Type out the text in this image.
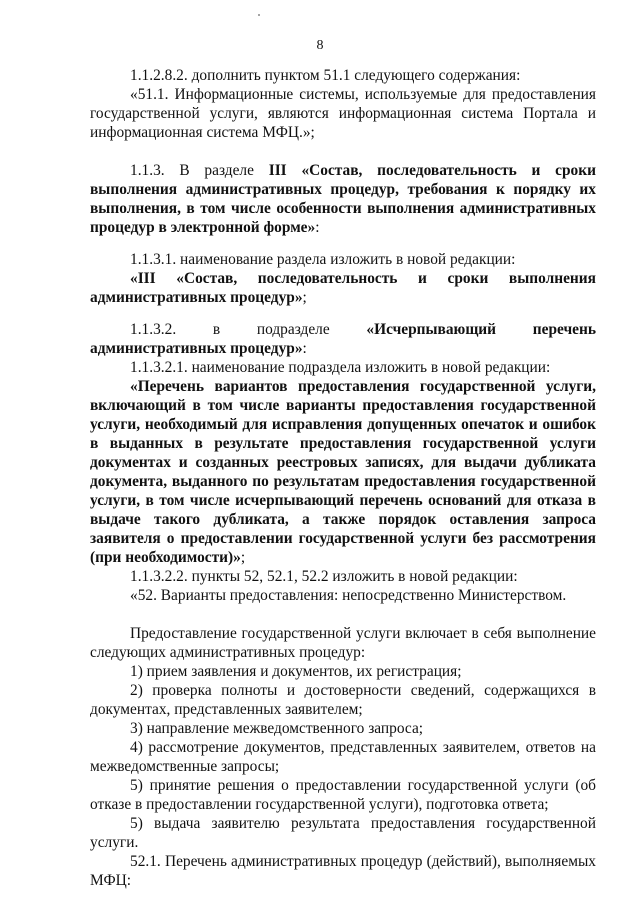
8

1.1.2.8.2. дополнить пунктом 51.1 следующего содержания:

«51.1. Информационные системы, используемые для предоставления государственной услуги, являются информационная система Портала и информационная система МФЦ.»;

1.1.3. В разделе III «Состав, последовательность и сроки выполнения административных процедур, требования к порядку их выполнения, в том числе особенности выполнения административных процедур в электронной форме»:

1.1.3.1. наименование раздела изложить в новой редакции:

«III «Состав, последовательность и сроки выполнения административных процедур»;

1.1.3.2. в подразделе «Исчерпывающий перечень административных процедур»:

1.1.3.2.1. наименование подраздела изложить в новой редакции:

«Перечень вариантов предоставления государственной услуги, включающий в том числе варианты предоставления государственной услуги, необходимый для исправления допущенных опечаток и ошибок в выданных в результате предоставления государственной услуги документах и созданных реестровых записях, для выдачи дубликата документа, выданного по результатам предоставления государственной услуги, в том числе исчерпывающий перечень оснований для отказа в выдаче такого дубликата, а также порядок оставления запроса заявителя о предоставлении государственной услуги без рассмотрения (при необходимости)»;

1.1.3.2.2. пункты 52, 52.1, 52.2 изложить в новой редакции:

«52. Варианты предоставления: непосредственно Министерством.

Предоставление государственной услуги включает в себя выполнение следующих административных процедур:

1) прием заявления и документов, их регистрация;

2) проверка полноты и достоверности сведений, содержащихся в документах, представленных заявителем;

3) направление межведомственного запроса;

4) рассмотрение документов, представленных заявителем, ответов на межведомственные запросы;

5) принятие решения о предоставлении государственной услуги (об отказе в предоставлении государственной услуги), подготовка ответа;

5) выдача заявителю результата предоставления государственной услуги.

52.1. Перечень административных процедур (действий), выполняемых МФЦ:
